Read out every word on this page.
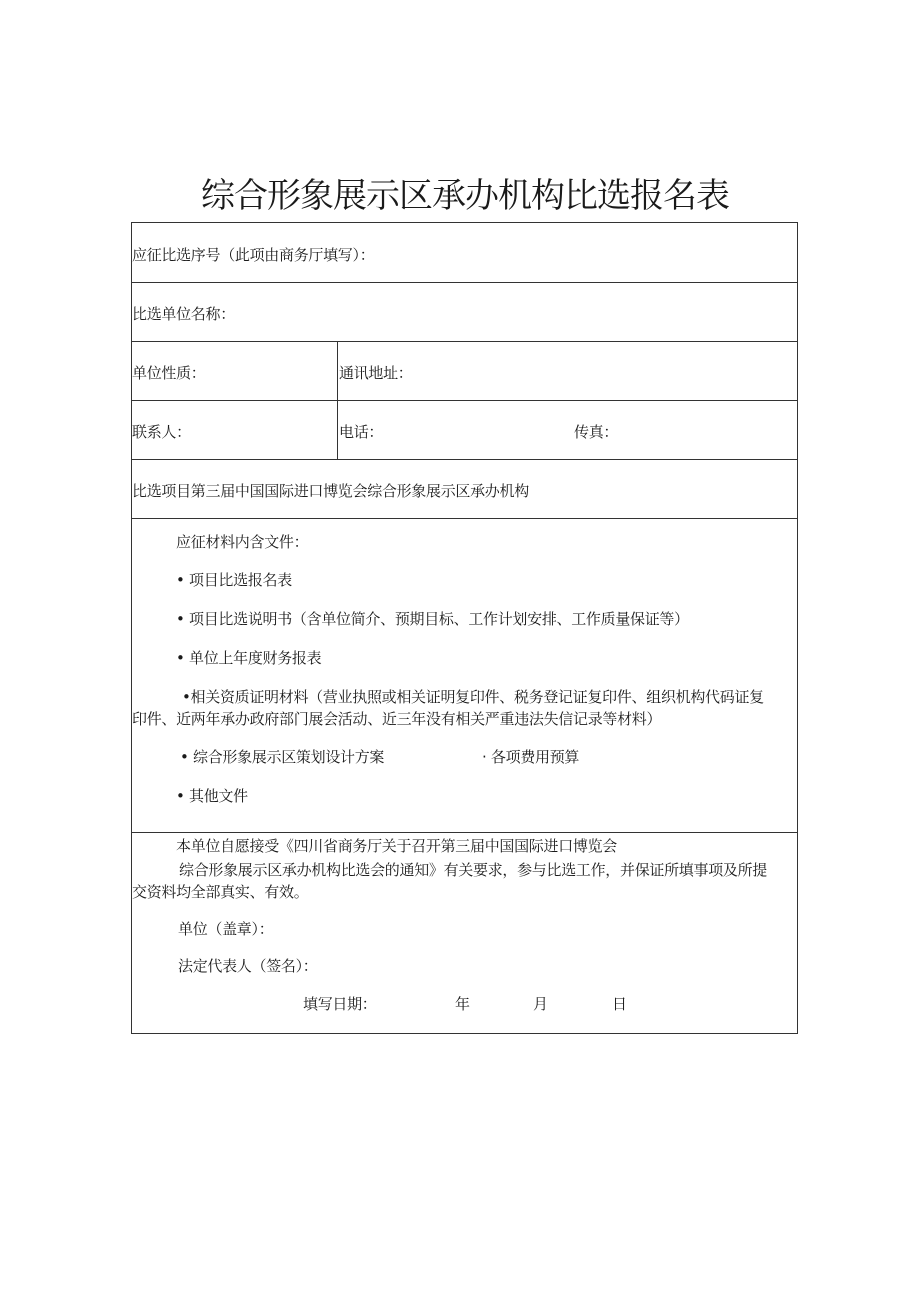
综合形象展示区承办机构比选报名表
应征比选序号（此项由商务厅填写）：
比选单位名称：
单位性质：	通讯地址：
联系人：	电话：	传真：
比选项目第三届中国国际进口博览会综合形象展示区承办机构
应征材料内含文件：
• 项目比选报名表
• 项目比选说明书（含单位简介、预期目标、工作计划安排、工作质量保证等）
• 单位上年度财务报表
•相关资质证明材料（营业执照或相关证明复印件、税务登记证复印件、组织机构代码证复
印件、近两年承办政府部门展会活动、近三年没有相关严重违法失信记录等材料）
• 综合形象展示区策划设计方案	· 各项费用预算
• 其他文件
本单位自愿接受《四川省商务厅关于召开第三届中国国际进口博览会
综合形象展示区承办机构比选会的通知》有关要求，参与比选工作，并保证所填事项及所提
交资料均全部真实、有效。
单位（盖章）：
法定代表人（签名）：
填写日期：	年	月	日
